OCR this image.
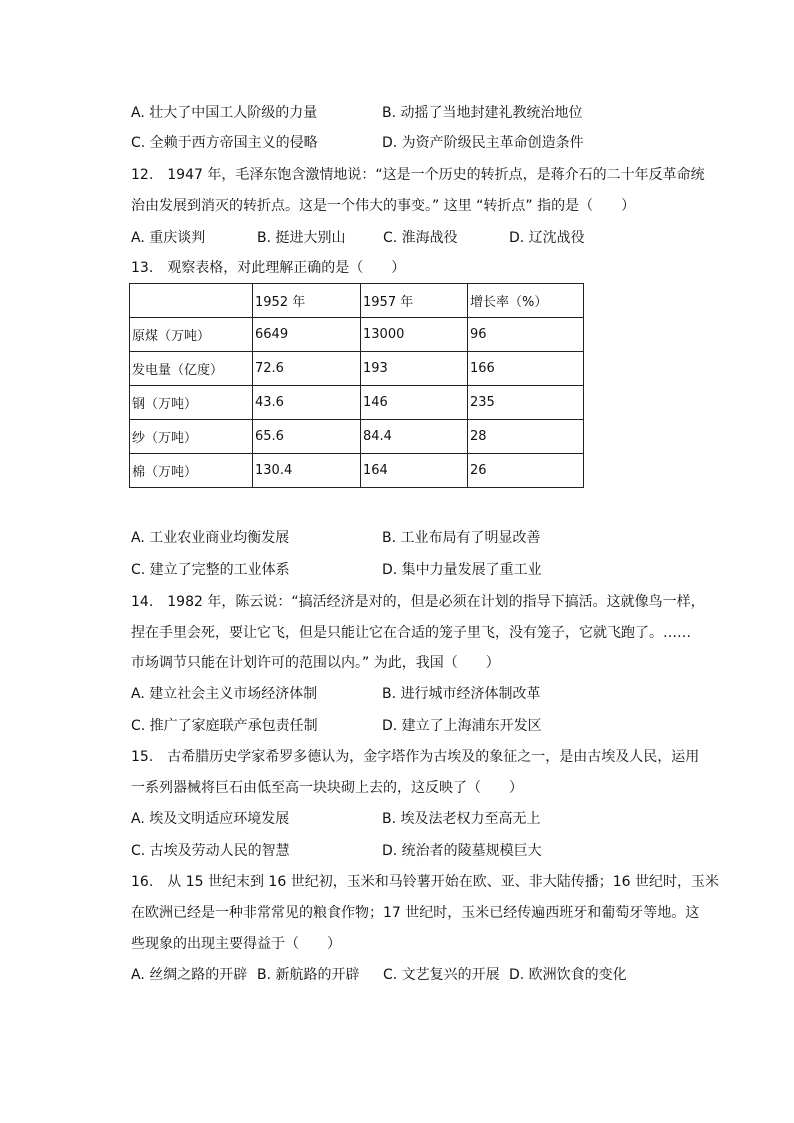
A. 壮大了中国工人阶级的力量	B. 动摇了当地封建礼教统治地位
C. 全赖于西方帝国主义的侵略	D. 为资产阶级民主革命创造条件
12.　1947 年，毛泽东饱含激情地说：“这是一个历史的转折点，是蒋介石的二十年反革命统
治由发展到消灭的转折点。这是一个伟大的事变。” 这里 “转折点” 指的是（　　）
A. 重庆谈判	B. 挺进大别山	C. 淮海战役	D. 辽沈战役
13.　观察表格，对此理解正确的是（　　）
	1952 年	1957 年	增长率（%）
原煤（万吨）	6649	13000	96
发电量（亿度）	72.6	193	166
钢（万吨）	43.6	146	235
纱（万吨）	65.6	84.4	28
棉（万吨）	130.4	164	26
A. 工业农业商业均衡发展	B. 工业布局有了明显改善
C. 建立了完整的工业体系	D. 集中力量发展了重工业
14.　1982 年，陈云说：“搞活经济是对的，但是必须在计划的指导下搞活。这就像鸟一样，
捏在手里会死，要让它飞，但是只能让它在合适的笼子里飞，没有笼子，它就飞跑了。……
市场调节只能在计划许可的范围以内。” 为此，我国（　　）
A. 建立社会主义市场经济体制	B. 进行城市经济体制改革
C. 推广了家庭联产承包责任制	D. 建立了上海浦东开发区
15.　古希腊历史学家希罗多德认为，金字塔作为古埃及的象征之一，是由古埃及人民，运用
一系列器械将巨石由低至高一块块砌上去的，这反映了（　　）
A. 埃及文明适应环境发展	B. 埃及法老权力至高无上
C. 古埃及劳动人民的智慧	D. 统治者的陵墓规模巨大
16.　从 15 世纪末到 16 世纪初，玉米和马铃薯开始在欧、亚、非大陆传播；16 世纪时，玉米
在欧洲已经是一种非常常见的粮食作物；17 世纪时，玉米已经传遍西班牙和葡萄牙等地。这
些现象的出现主要得益于（　　）
A. 丝绸之路的开辟 B. 新航路的开辟 C. 文艺复兴的开展 D. 欧洲饮食的变化
